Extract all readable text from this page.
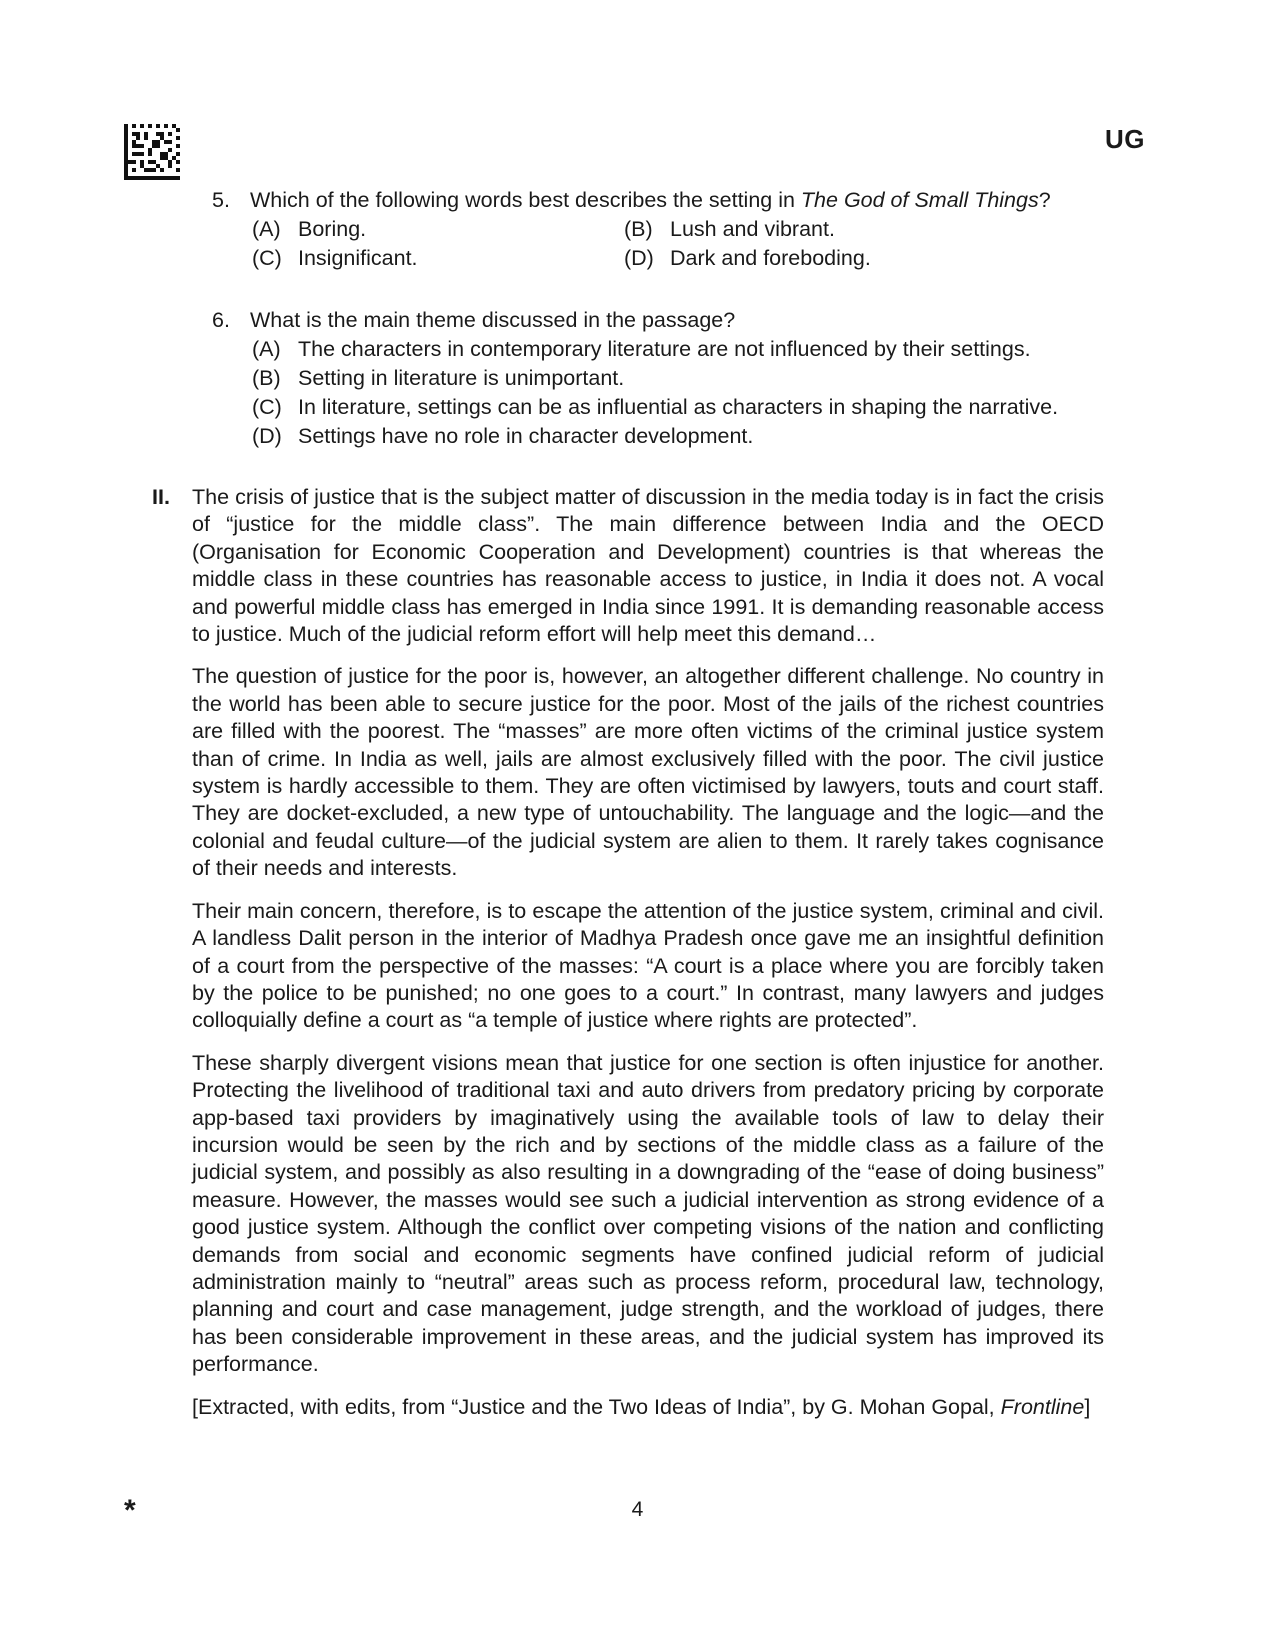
UG
5. Which of the following words best describes the setting in The God of Small Things?
(A) Boring.	(B) Lush and vibrant.
(C) Insignificant.	(D) Dark and foreboding.
6. What is the main theme discussed in the passage?
(A) The characters in contemporary literature are not influenced by their settings.
(B) Setting in literature is unimportant.
(C) In literature, settings can be as influential as characters in shaping the narrative.
(D) Settings have no role in character development.
II.	The crisis of justice that is the subject matter of discussion in the media today is in fact the crisis of “justice for the middle class”. The main difference between India and the OECD (Organisation for Economic Cooperation and Development) countries is that whereas the middle class in these countries has reasonable access to justice, in India it does not. A vocal and powerful middle class has emerged in India since 1991. It is demanding reasonable access to justice. Much of the judicial reform effort will help meet this demand…

The question of justice for the poor is, however, an altogether different challenge. No country in the world has been able to secure justice for the poor. Most of the jails of the richest countries are filled with the poorest. The “masses” are more often victims of the criminal justice system than of crime. In India as well, jails are almost exclusively filled with the poor. The civil justice system is hardly accessible to them. They are often victimised by lawyers, touts and court staff. They are docket-excluded, a new type of untouchability. The language and the logic—and the colonial and feudal culture—of the judicial system are alien to them. It rarely takes cognisance of their needs and interests.

Their main concern, therefore, is to escape the attention of the justice system, criminal and civil. A landless Dalit person in the interior of Madhya Pradesh once gave me an insightful definition of a court from the perspective of the masses: “A court is a place where you are forcibly taken by the police to be punished; no one goes to a court.” In contrast, many lawyers and judges colloquially define a court as “a temple of justice where rights are protected”.

These sharply divergent visions mean that justice for one section is often injustice for another. Protecting the livelihood of traditional taxi and auto drivers from predatory pricing by corporate app-based taxi providers by imaginatively using the available tools of law to delay their incursion would be seen by the rich and by sections of the middle class as a failure of the judicial system, and possibly as also resulting in a downgrading of the “ease of doing business” measure. However, the masses would see such a judicial intervention as strong evidence of a good justice system. Although the conflict over competing visions of the nation and conflicting demands from social and economic segments have confined judicial reform of judicial administration mainly to “neutral” areas such as process reform, procedural law, technology, planning and court and case management, judge strength, and the workload of judges, there has been considerable improvement in these areas, and the judicial system has improved its performance.

[Extracted, with edits, from “Justice and the Two Ideas of India”, by G. Mohan Gopal, Frontline]

*	4
